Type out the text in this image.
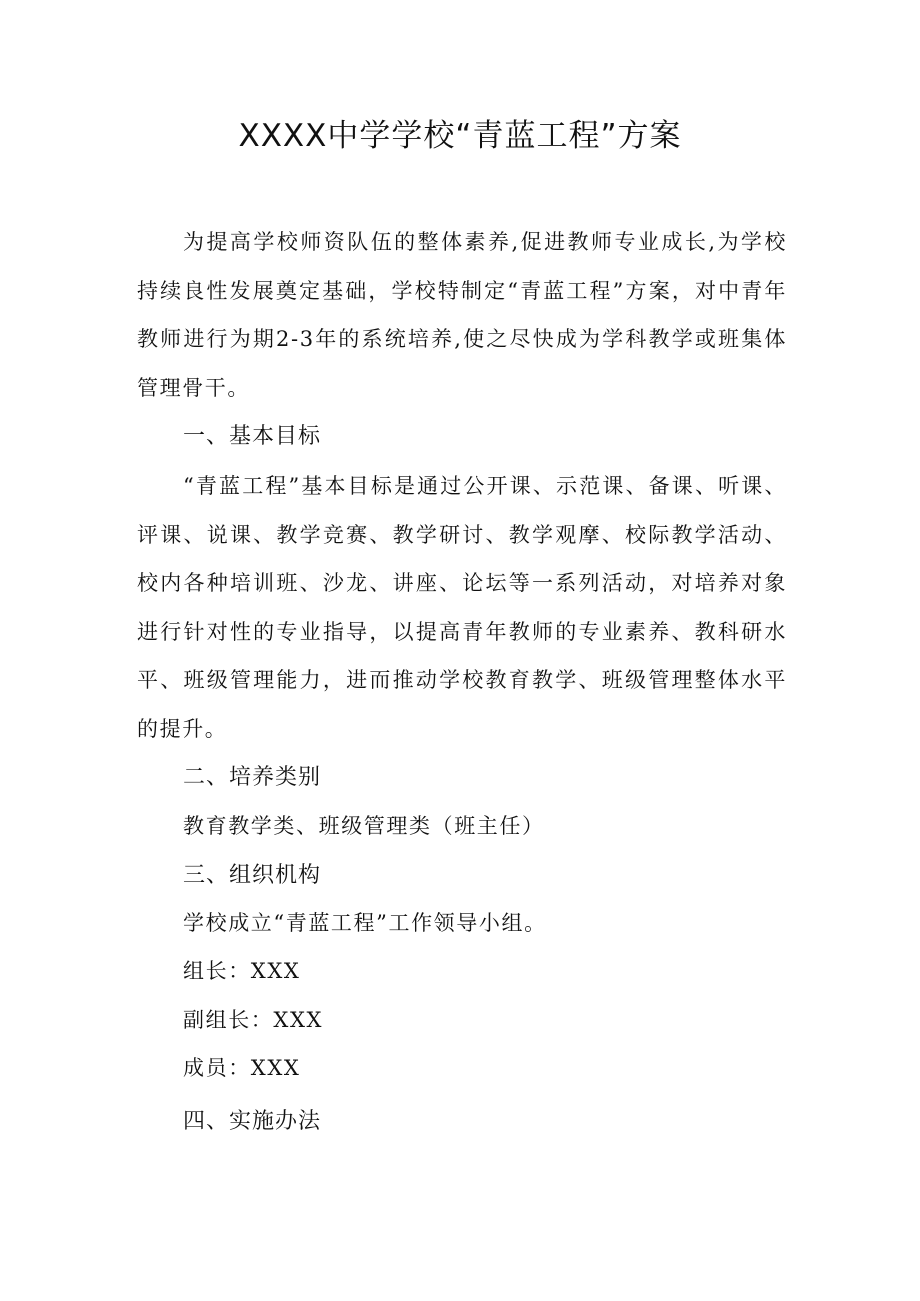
XXXX中学学校“青蓝工程”方案

为提高学校师资队伍的整体素养,促进教师专业成长,为学校持续良性发展奠定基础，学校特制定“青蓝工程”方案，对中青年教师进行为期2-3年的系统培养,使之尽快成为学科教学或班集体管理骨干。

一、基本目标

“青蓝工程”基本目标是通过公开课、示范课、备课、听课、评课、说课、教学竞赛、教学研讨、教学观摩、校际教学活动、校内各种培训班、沙龙、讲座、论坛等一系列活动，对培养对象进行针对性的专业指导，以提高青年教师的专业素养、教科研水平、班级管理能力，进而推动学校教育教学、班级管理整体水平的提升。

二、培养类别

教育教学类、班级管理类（班主任）

三、组织机构

学校成立“青蓝工程”工作领导小组。

组长：XXX

副组长：XXX

成员：XXX

四、实施办法
